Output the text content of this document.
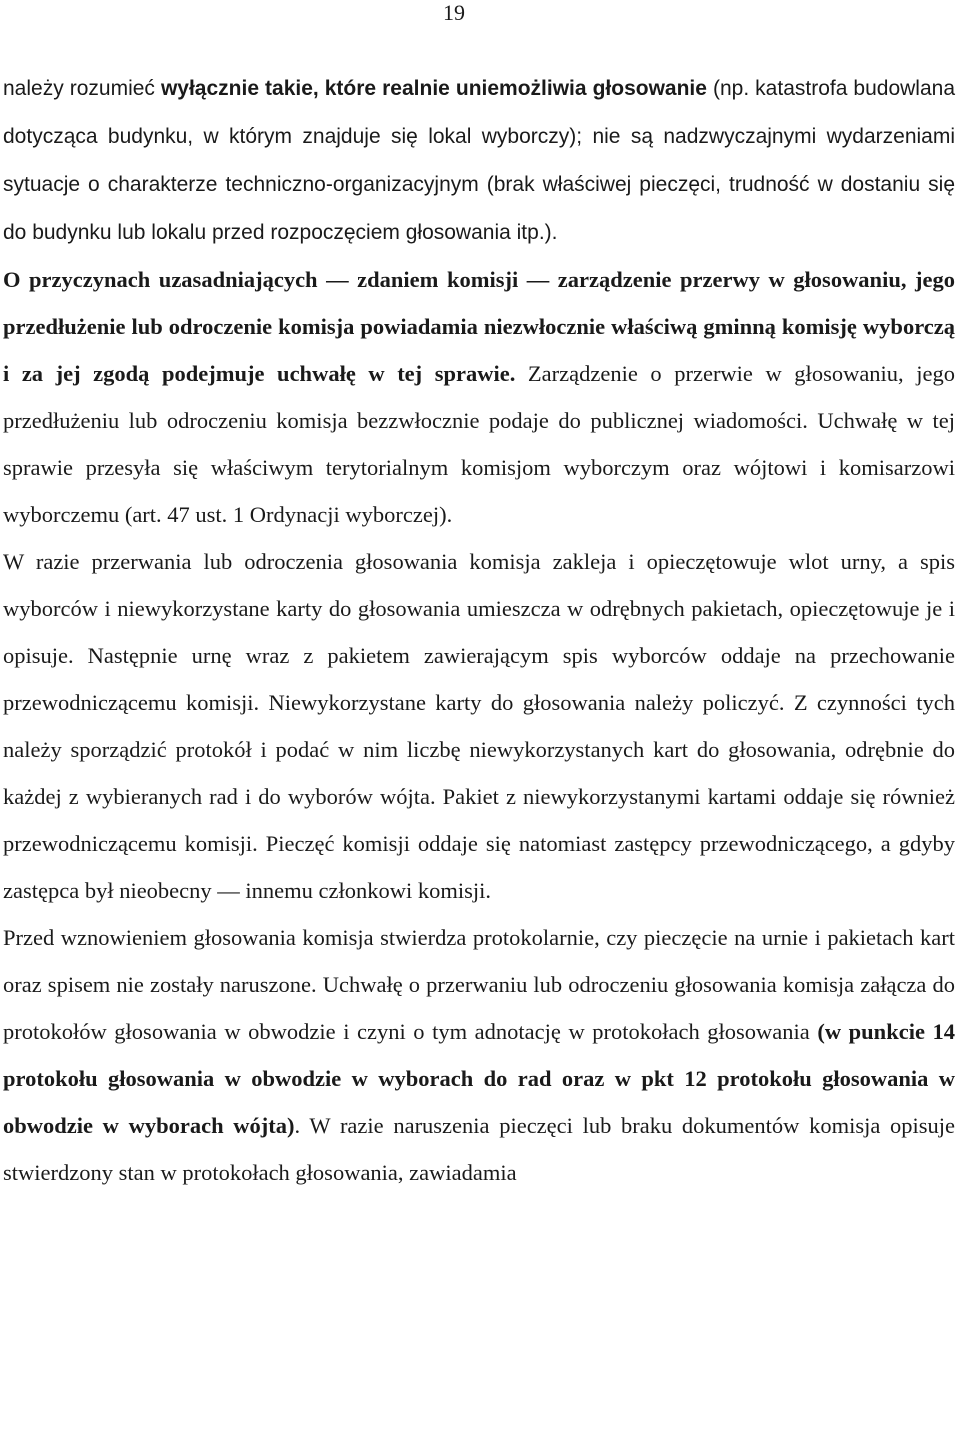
19

należy rozumieć wyłącznie takie, które realnie uniemożliwia głosowanie (np. katastrofa budowlana dotycząca budynku, w którym znajduje się lokal wyborczy); nie są nadzwyczajnymi wydarzeniami sytuacje o charakterze techniczno-organizacyjnym (brak właściwej pieczęci, trudność w dostaniu się do budynku lub lokalu przed rozpoczęciem głosowania itp.).

O przyczynach uzasadniających — zdaniem komisji — zarządzenie przerwy w głosowaniu, jego przedłużenie lub odroczenie komisja powiadamia niezwłocznie właściwą gminną komisję wyborczą i za jej zgodą podejmuje uchwałę w tej sprawie. Zarządzenie o przerwie w głosowaniu, jego przedłużeniu lub odroczeniu komisja bezzwłocznie podaje do publicznej wiadomości. Uchwałę w tej sprawie przesyła się właściwym terytorialnym komisjom wyborczym oraz wójtowi i komisarzowi wyborczemu (art. 47 ust. 1 Ordynacji wyborczej).

W razie przerwania lub odroczenia głosowania komisja zakleja i opieczętowuje wlot urny, a spis wyborców i niewykorzystane karty do głosowania umieszcza w odrębnych pakietach, opieczętowuje je i opisuje. Następnie urnę wraz z pakietem zawierającym spis wyborców oddaje na przechowanie przewodniczącemu komisji. Niewykorzystane karty do głosowania należy policzyć. Z czynności tych należy sporządzić protokół i podać w nim liczbę niewykorzystanych kart do głosowania, odrębnie do każdej z wybieranych rad i do wyborów wójta. Pakiet z niewykorzystanymi kartami oddaje się również przewodniczącemu komisji. Pieczęć komisji oddaje się natomiast zastępcy przewodniczącego, a gdyby zastępca był nieobecny — innemu członkowi komisji.

Przed wznowieniem głosowania komisja stwierdza protokolarnie, czy pieczęcie na urnie i pakietach kart oraz spisem nie zostały naruszone. Uchwałę o przerwaniu lub odroczeniu głosowania komisja załącza do protokołów głosowania w obwodzie i czyni o tym adnotację w protokołach głosowania (w punkcie 14 protokołu głosowania w obwodzie w wyborach do rad oraz w pkt 12 protokołu głosowania w obwodzie w wyborach wójta). W razie naruszenia pieczęci lub braku dokumentów komisja opisuje stwierdzony stan w protokołach głosowania, zawiadamia
